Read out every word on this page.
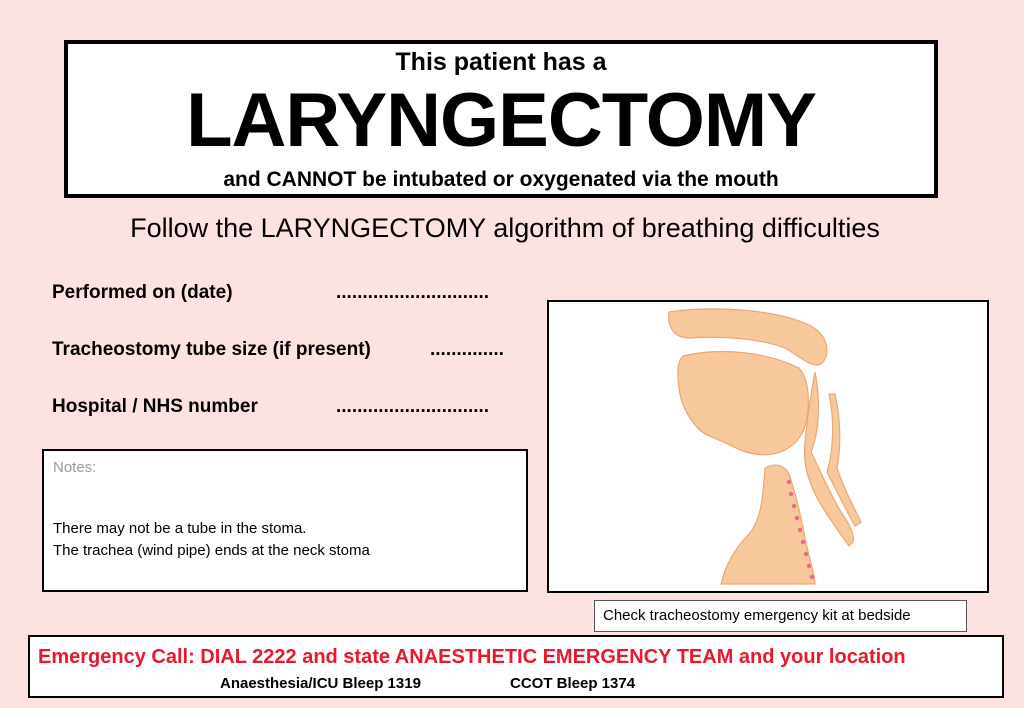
This patient has a
LARYNGECTOMY
and CANNOT be intubated or oxygenated via the mouth
Follow the LARYNGECTOMY algorithm of breathing difficulties
Performed on (date)	.............................
Tracheostomy tube size (if present)	..............
Hospital / NHS number	.............................
Notes:
There may not be a tube in the stoma.
The trachea (wind pipe) ends at the neck stoma
Check tracheostomy emergency kit at bedside
Emergency Call: DIAL 2222 and state ANAESTHETIC EMERGENCY TEAM and your location
Anaesthesia/ICU Bleep 1319	CCOT Bleep 1374
